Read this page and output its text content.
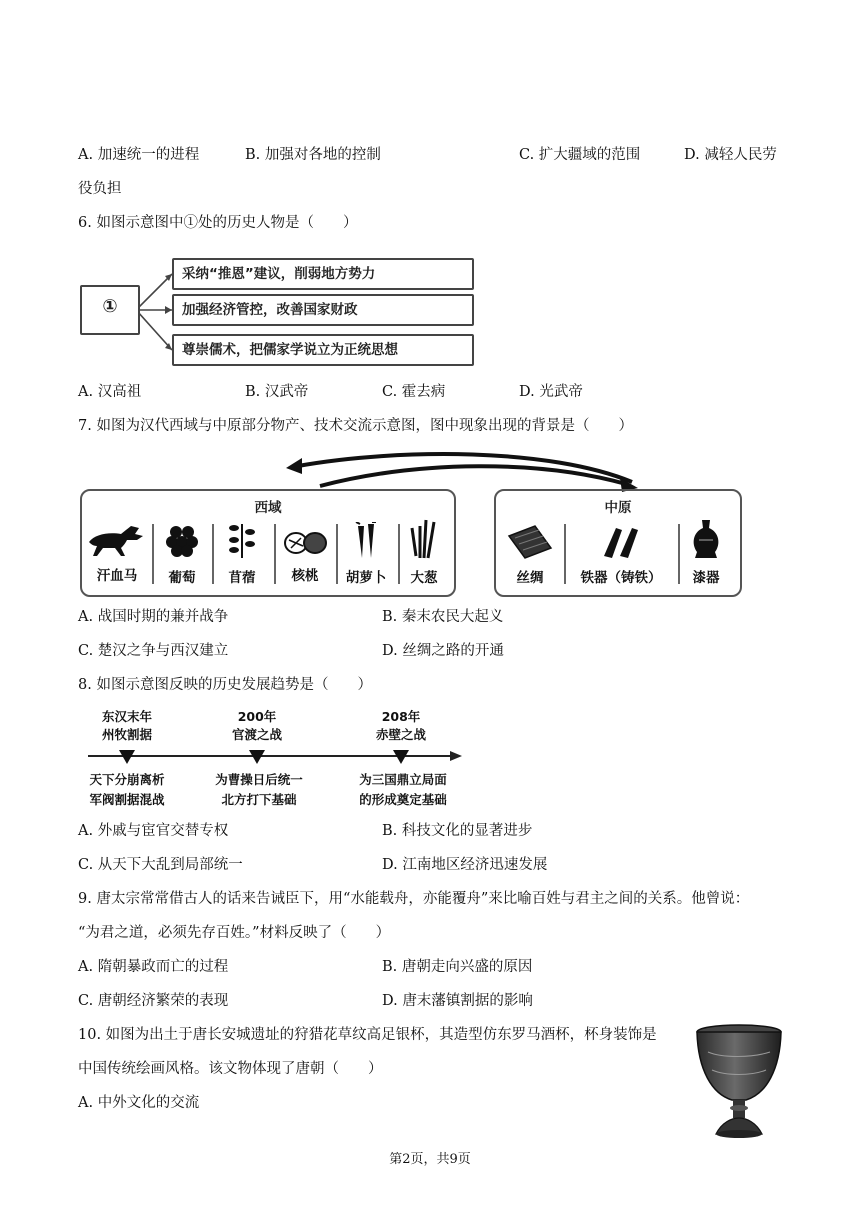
A. 加速统一的进程	B. 加强对各地的控制	C. 扩大疆域的范围	D. 减轻人民劳
役负担
6. 如图示意图中①处的历史人物是（　　）
①
采纳“推恩”建议，削弱地方势力
加强经济管控，改善国家财政
尊崇儒术，把儒家学说立为正统思想
A. 汉高祖	B. 汉武帝	C. 霍去病	D. 光武帝
7. 如图为汉代西域与中原部分物产、技术交流示意图，图中现象出现的背景是（　　）
西域	中原
汗血马	葡萄	苜蓿	核桃	胡萝卜	大葱	丝绸	铁器（铸铁）	漆器
A. 战国时期的兼并战争	B. 秦末农民大起义
C. 楚汉之争与西汉建立	D. 丝绸之路的开通
8. 如图示意图反映的历史发展趋势是（　　）
东汉末年
州牧割据
200年
官渡之战
208年
赤壁之战
天下分崩离析
军阀割据混战
为曹操日后统一
北方打下基础
为三国鼎立局面
的形成奠定基础
A. 外戚与宦官交替专权	B. 科技文化的显著进步
C. 从天下大乱到局部统一	D. 江南地区经济迅速发展
9. 唐太宗常常借古人的话来告诫臣下，用“水能载舟，亦能覆舟”来比喻百姓与君主之间的关系。他曾说：
“为君之道，必须先存百姓。”材料反映了（　　）
A. 隋朝暴政而亡的过程	B. 唐朝走向兴盛的原因
C. 唐朝经济繁荣的表现	D. 唐末藩镇割据的影响
10. 如图为出土于唐长安城遗址的狩猎花草纹高足银杯，其造型仿东罗马酒杯，杯身装饰是
中国传统绘画风格。该文物体现了唐朝（　　）
A. 中外文化的交流
第2页，共9页
